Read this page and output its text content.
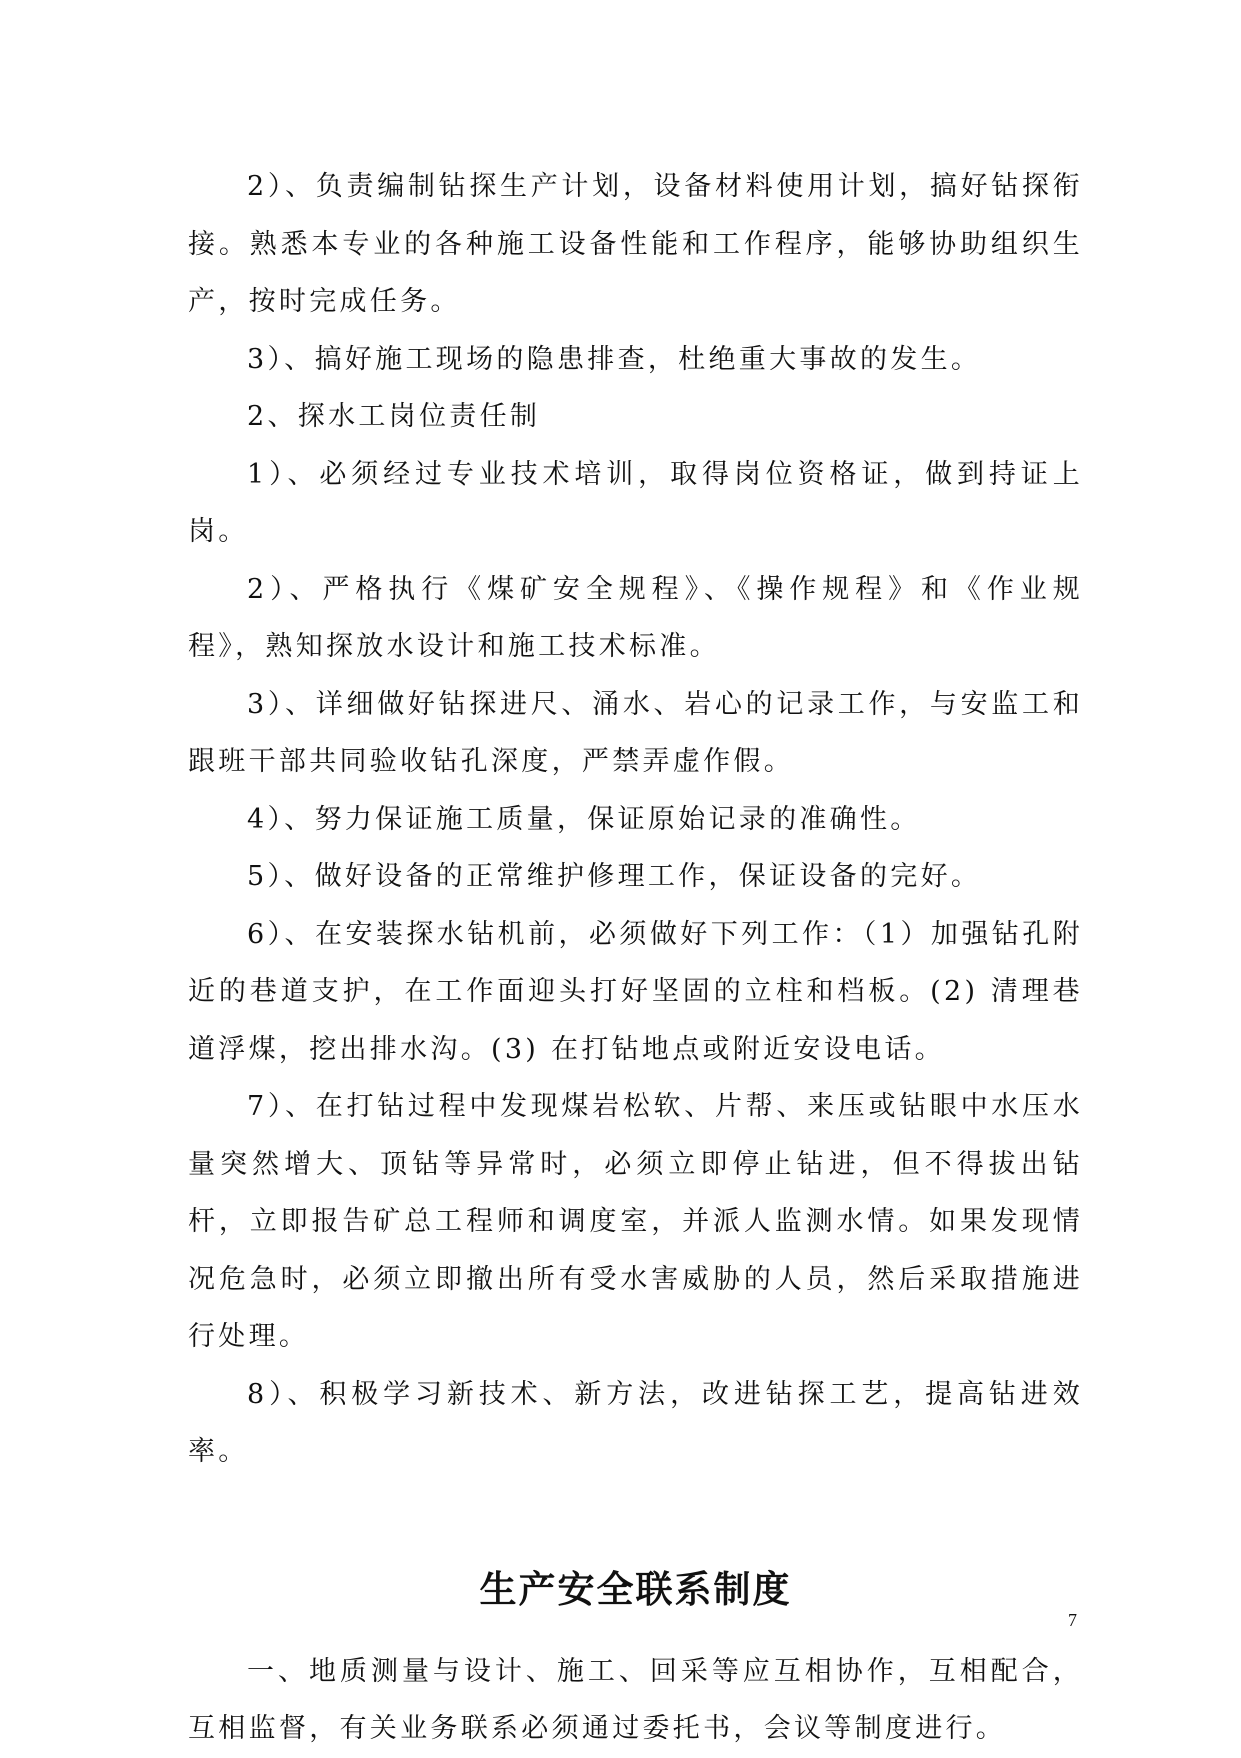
2）、负责编制钻探生产计划，设备材料使用计划，搞好钻探衔接。熟悉本专业的各种施工设备性能和工作程序，能够协助组织生产，按时完成任务。

3）、搞好施工现场的隐患排查，杜绝重大事故的发生。

2、探水工岗位责任制

1）、必须经过专业技术培训，取得岗位资格证，做到持证上岗。

2）、严格执行《煤矿安全规程》、《操作规程》和《作业规程》，熟知探放水设计和施工技术标准。

3）、详细做好钻探进尺、涌水、岩心的记录工作，与安监工和跟班干部共同验收钻孔深度，严禁弄虚作假。

4）、努力保证施工质量，保证原始记录的准确性。

5）、做好设备的正常维护修理工作，保证设备的完好。

6）、在安装探水钻机前，必须做好下列工作：（1）加强钻孔附近的巷道支护，在工作面迎头打好坚固的立柱和档板。(2) 清理巷道浮煤，挖出排水沟。(3) 在打钻地点或附近安设电话。

7）、在打钻过程中发现煤岩松软、片帮、来压或钻眼中水压水量突然增大、顶钻等异常时，必须立即停止钻进，但不得拔出钻杆，立即报告矿总工程师和调度室，并派人监测水情。如果发现情况危急时，必须立即撤出所有受水害威胁的人员，然后采取措施进行处理。

8）、积极学习新技术、新方法，改进钻探工艺，提高钻进效率。

生产安全联系制度

一、地质测量与设计、施工、回采等应互相协作，互相配合，互相监督，有关业务联系必须通过委托书，会议等制度进行。

7
